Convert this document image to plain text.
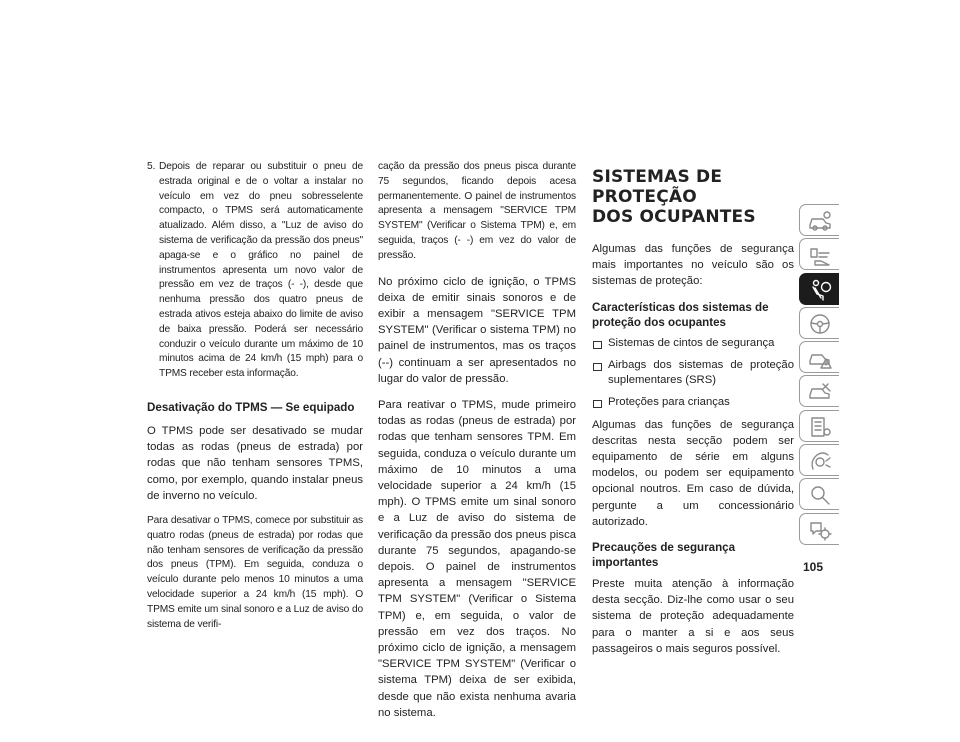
5. Depois de reparar ou substituir o pneu de estrada original e de o voltar a instalar no veículo em vez do pneu sobresselente compacto, o TPMS será automaticamente atualizado. Além disso, a "Luz de aviso do sistema de verificação da pressão dos pneus" apaga-se e o gráfico no painel de instrumentos apresenta um novo valor de pressão em vez de traços (- -), desde que nenhuma pressão dos quatro pneus de estrada ativos esteja abaixo do limite de aviso de baixa pressão. Poderá ser necessário conduzir o veículo durante um máximo de 10 minutos acima de 24 km/h (15 mph) para o TPMS receber esta informação.

Desativação do TPMS — Se equipado

O TPMS pode ser desativado se mudar todas as rodas (pneus de estrada) por rodas que não tenham sensores TPMS, como, por exemplo, quando instalar pneus de inverno no veículo.

Para desativar o TPMS, comece por substituir as quatro rodas (pneus de estrada) por rodas que não tenham sensores de verificação da pressão dos pneus (TPM). Em seguida, conduza o veículo durante pelo menos 10 minutos a uma velocidade superior a 24 km/h (15 mph). O TPMS emite um sinal sonoro e a Luz de aviso do sistema de verifi-

cação da pressão dos pneus pisca durante 75 segundos, ficando depois acesa permanentemente. O painel de instrumentos apresenta a mensagem "SERVICE TPM SYSTEM" (Verificar o Sistema TPM) e, em seguida, traços (- -) em vez do valor de pressão.

No próximo ciclo de ignição, o TPMS deixa de emitir sinais sonoros e de exibir a mensagem "SERVICE TPM SYSTEM" (Verificar o sistema TPM) no painel de instrumentos, mas os traços (--) continuam a ser apresentados no lugar do valor de pressão.

Para reativar o TPMS, mude primeiro todas as rodas (pneus de estrada) por rodas que tenham sensores TPM. Em seguida, conduza o veículo durante um máximo de 10 minutos a uma velocidade superior a 24 km/h (15 mph). O TPMS emite um sinal sonoro e a Luz de aviso do sistema de verificação da pressão dos pneus pisca durante 75 segundos, apagando-se depois. O painel de instrumentos apresenta a mensagem "SERVICE TPM SYSTEM" (Verificar o Sistema TPM) e, em seguida, o valor de pressão em vez dos traços. No próximo ciclo de ignição, a mensagem "SERVICE TPM SYSTEM" (Verificar o sistema TPM) deixa de ser exibida, desde que não exista nenhuma avaria no sistema.

SISTEMAS DE PROTEÇÃO
DOS OCUPANTES

Algumas das funções de segurança mais importantes no veículo são os sistemas de proteção:

Características dos sistemas de proteção dos ocupantes
Sistemas de cintos de segurança
Airbags dos sistemas de proteção suplementares (SRS)
Proteções para crianças

Algumas das funções de segurança descritas nesta secção podem ser equipamento de série em alguns modelos, ou podem ser equipamento opcional noutros. Em caso de dúvida, pergunte a um concessionário autorizado.

Precauções de segurança importantes

Preste muita atenção à informação desta secção. Diz-lhe como usar o seu sistema de proteção adequadamente para o manter a si e aos seus passageiros o mais seguros possível.

105
